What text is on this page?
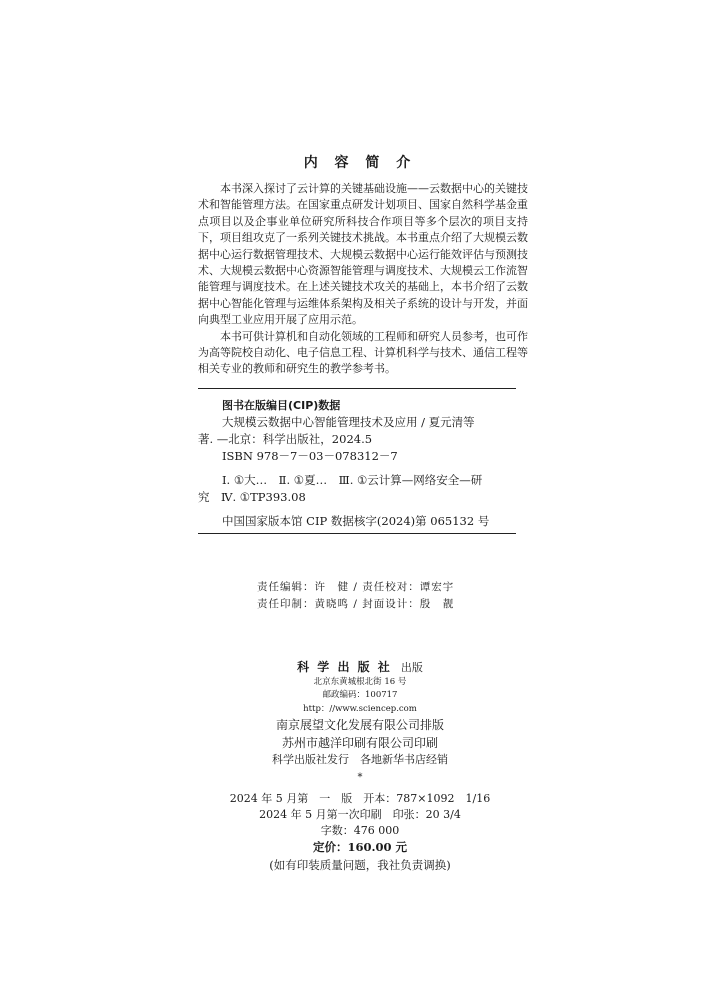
内 容 简 介

本书深入探讨了云计算的关键基础设施——云数据中心的关键技术和智能管理方法。在国家重点研发计划项目、国家自然科学基金重点项目以及企事业单位研究所科技合作项目等多个层次的项目支持下，项目组攻克了一系列关键技术挑战。本书重点介绍了大规模云数据中心运行数据管理技术、大规模云数据中心运行能效评估与预测技术、大规模云数据中心资源智能管理与调度技术、大规模云工作流智能管理与调度技术。在上述关键技术攻关的基础上，本书介绍了云数据中心智能化管理与运维体系架构及相关子系统的设计与开发，并面向典型工业应用开展了应用示范。

本书可供计算机和自动化领域的工程师和研究人员参考，也可作为高等院校自动化、电子信息工程、计算机科学与技术、通信工程等相关专业的教师和研究生的教学参考书。

图书在版编目(CIP)数据
大规模云数据中心智能管理技术及应用 / 夏元清等
著. —北京：科学出版社，2024.5
ISBN 978－7－03－078312－7
Ⅰ. ①大…　Ⅱ. ①夏…　Ⅲ. ①云计算—网络安全—研
究　Ⅳ. ①TP393.08
中国国家版本馆 CIP 数据核字(2024)第 065132 号
责任编辑：许　健 / 责任校对：谭宏宇
责任印制：黄晓鸣 / 封面设计：殷　靓
科 学 出 版 社 出版
北京东黄城根北街 16 号
邮政编码：100717
http：//www.sciencep.com
南京展望文化发展有限公司排版
苏州市越洋印刷有限公司印刷
科学出版社发行　各地新华书店经销
*
2024 年 5 月第　一　版　开本：787×1092　1/16
2024 年 5 月第一次印刷　印张：20 3/4
字数：476 000
定价：160.00 元
(如有印装质量问题，我社负责调换)
